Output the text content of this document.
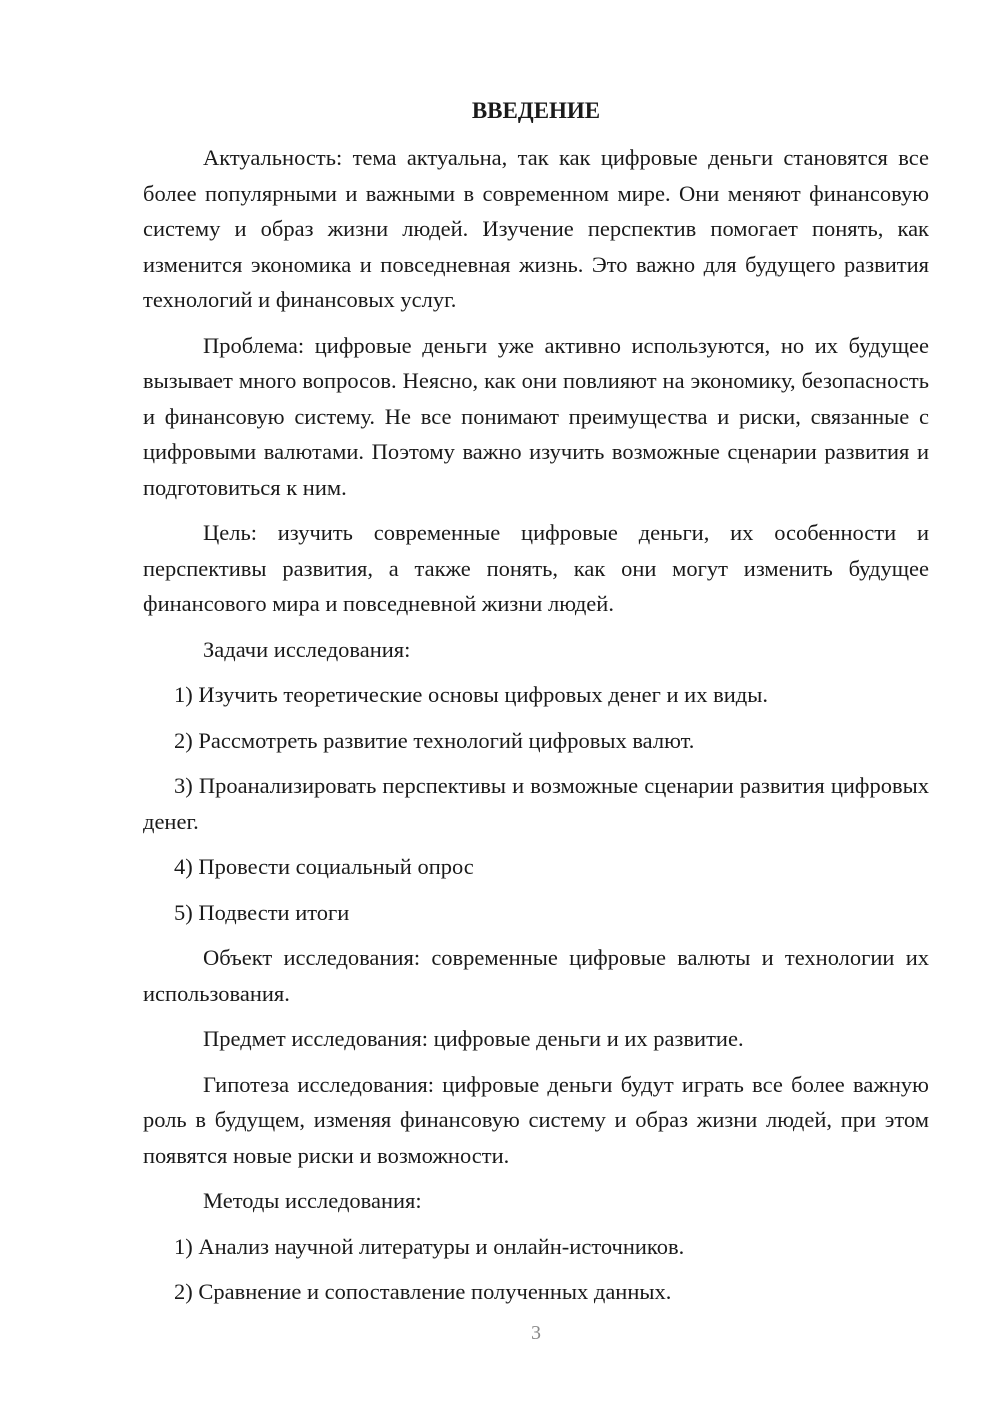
ВВЕДЕНИЕ

Актуальность: тема актуальна, так как цифровые деньги становятся все более популярными и важными в современном мире. Они меняют финансовую систему и образ жизни людей. Изучение перспектив помогает понять, как изменится экономика и повседневная жизнь. Это важно для будущего развития технологий и финансовых услуг.

Проблема: цифровые деньги уже активно используются, но их будущее вызывает много вопросов. Неясно, как они повлияют на экономику, безопасность и финансовую систему. Не все понимают преимущества и риски, связанные с цифровыми валютами. Поэтому важно изучить возможные сценарии развития и подготовиться к ним.

Цель: изучить современные цифровые деньги, их особенности и перспективы развития, а также понять, как они могут изменить будущее финансового мира и повседневной жизни людей.

Задачи исследования:

1) Изучить теоретические основы цифровых денег и их виды.

2) Рассмотреть развитие технологий цифровых валют.

3) Проанализировать перспективы и возможные сценарии развития цифровых денег.

4) Провести социальный опрос

5) Подвести итоги

Объект исследования: современные цифровые валюты и технологии их использования.

Предмет исследования: цифровые деньги и их развитие.

Гипотеза исследования: цифровые деньги будут играть все более важную роль в будущем, изменяя финансовую систему и образ жизни людей, при этом появятся новые риски и возможности.

Методы исследования:

1) Анализ научной литературы и онлайн-источников.

2) Сравнение и сопоставление полученных данных.

3
